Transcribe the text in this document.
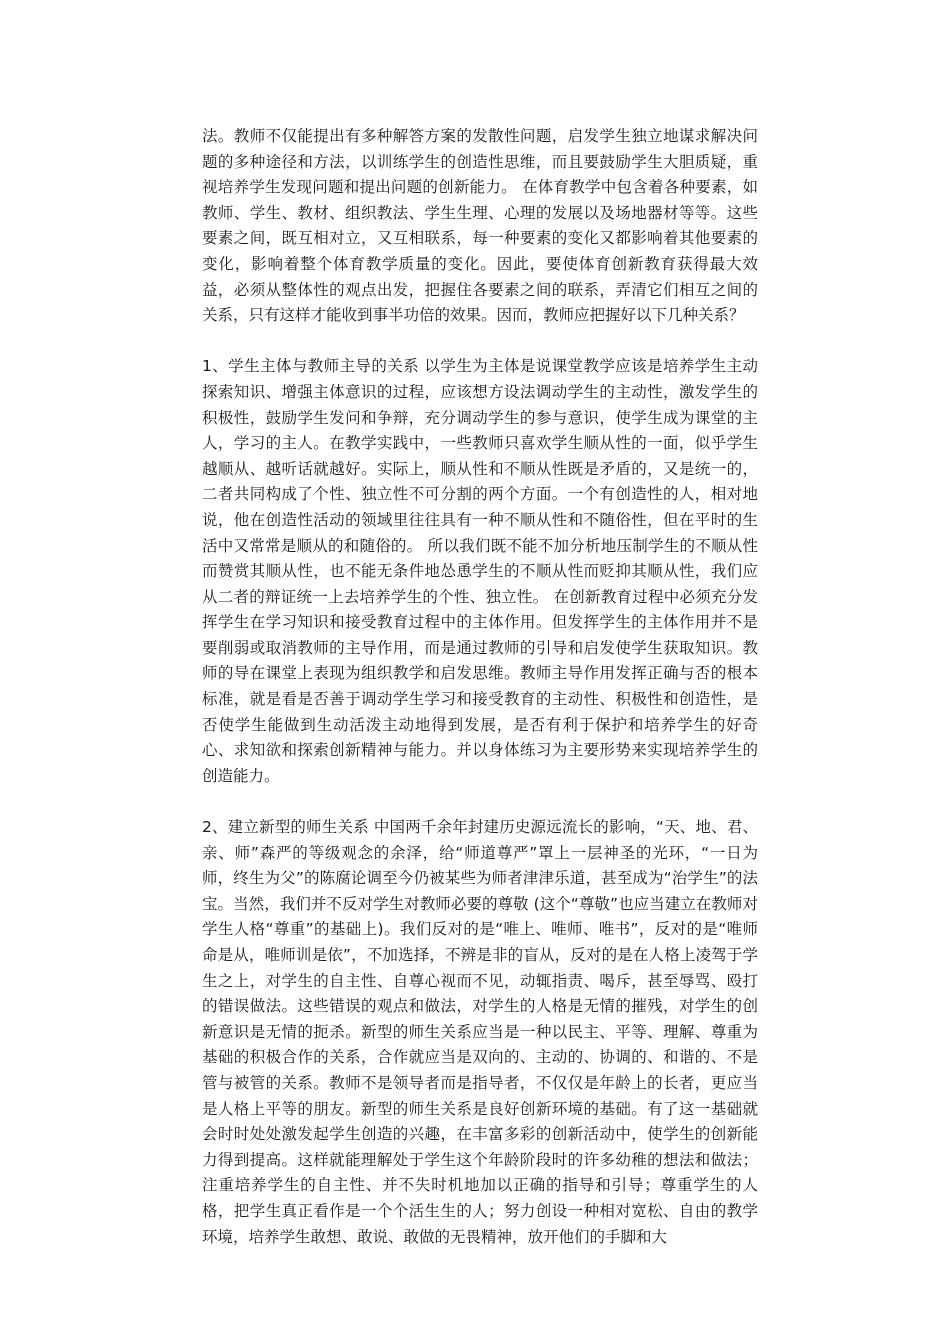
法。教师不仅能提出有多种解答方案的发散性问题，启发学生独立地谋求解决问题的多种途径和方法，以训练学生的创造性思维，而且要鼓励学生大胆质疑，重视培养学生发现问题和提出问题的创新能力。 在体育教学中包含着各种要素，如教师、学生、教材、组织教法、学生生理、心理的发展以及场地器材等等。这些要素之间，既互相对立，又互相联系，每一种要素的变化又都影响着其他要素的变化，影响着整个体育教学质量的变化。因此，要使体育创新教育获得最大效益，必须从整体性的观点出发，把握住各要素之间的联系，弄清它们相互之间的关系，只有这样才能收到事半功倍的效果。因而，教师应把握好以下几种关系？

1、学生主体与教师主导的关系 以学生为主体是说课堂教学应该是培养学生主动探索知识、增强主体意识的过程，应该想方设法调动学生的主动性，激发学生的积极性，鼓励学生发问和争辩，充分调动学生的参与意识，使学生成为课堂的主人，学习的主人。在教学实践中，一些教师只喜欢学生顺从性的一面，似乎学生越顺从、越听话就越好。实际上，顺从性和不顺从性既是矛盾的，又是统一的，二者共同构成了个性、独立性不可分割的两个方面。一个有创造性的人，相对地说，他在创造性活动的领域里往往具有一种不顺从性和不随俗性，但在平时的生活中又常常是顺从的和随俗的。 所以我们既不能不加分析地压制学生的不顺从性而赞赏其顺从性，也不能无条件地怂恿学生的不顺从性而贬抑其顺从性，我们应从二者的辩证统一上去培养学生的个性、独立性。 在创新教育过程中必须充分发挥学生在学习知识和接受教育过程中的主体作用。但发挥学生的主体作用并不是要削弱或取消教师的主导作用，而是通过教师的引导和启发使学生获取知识。教师的导在课堂上表现为组织教学和启发思维。教师主导作用发挥正确与否的根本标准，就是看是否善于调动学生学习和接受教育的主动性、积极性和创造性，是否使学生能做到生动活泼主动地得到发展，是否有利于保护和培养学生的好奇心、求知欲和探索创新精神与能力。并以身体练习为主要形势来实现培养学生的创造能力。

2、建立新型的师生关系 中国两千余年封建历史源远流长的影响，“天、地、君、亲、师”森严的等级观念的余泽，给“师道尊严”罩上一层神圣的光环，“一日为师，终生为父”的陈腐论调至今仍被某些为师者津津乐道，甚至成为“治学生”的法宝。当然，我们并不反对学生对教师必要的尊敬 (这个“尊敬”也应当建立在教师对学生人格“尊重”的基础上)。我们反对的是“唯上、唯师、唯书”，反对的是“唯师命是从，唯师训是依”，不加选择，不辨是非的盲从，反对的是在人格上凌驾于学生之上，对学生的自主性、自尊心视而不见，动辄指责、喝斥，甚至辱骂、殴打的错误做法。这些错误的观点和做法，对学生的人格是无情的摧残，对学生的创新意识是无情的扼杀。新型的师生关系应当是一种以民主、平等、理解、尊重为基础的积极合作的关系，合作就应当是双向的、主动的、协调的、和谐的、不是管与被管的关系。教师不是领导者而是指导者，不仅仅是年龄上的长者，更应当是人格上平等的朋友。新型的师生关系是良好创新环境的基础。有了这一基础就会时时处处激发起学生创造的兴趣，在丰富多彩的创新活动中，使学生的创新能力得到提高。这样就能理解处于学生这个年龄阶段时的许多幼稚的想法和做法；注重培养学生的自主性、并不失时机地加以正确的指导和引导；尊重学生的人格，把学生真正看作是一个个活生生的人；努力创设一种相对宽松、自由的教学环境，培养学生敢想、敢说、敢做的无畏精神，放开他们的手脚和大
